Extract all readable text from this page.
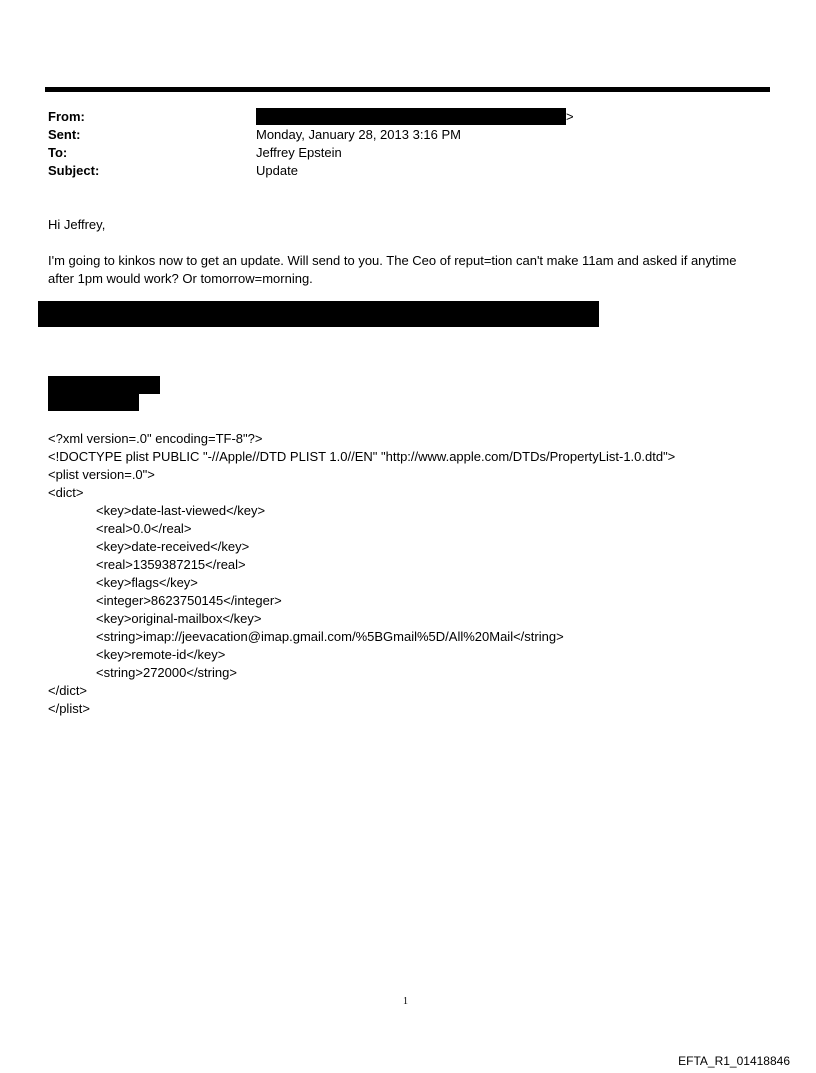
From:	>
Sent:	Monday, January 28, 2013 3:16 PM
To:	Jeffrey Epstein
Subject:	Update
Hi Jeffrey,
I'm going to kinkos now to get an update. Will send to you. The Ceo of reput=tion can't make 11am and asked if anytime
after 1pm would work? Or tomorrow=morning.
<?xml version=.0" encoding=TF-8"?>
<!DOCTYPE plist PUBLIC "-//Apple//DTD PLIST 1.0//EN" "http://www.apple.com/DTDs/PropertyList-1.0.dtd">
<plist version=.0">
<dict>
<key>date-last-viewed</key>
<real>0.0</real>
<key>date-received</key>
<real>1359387215</real>
<key>flags</key>
<integer>8623750145</integer>
<key>original-mailbox</key>
<string>imap://jeevacation@imap.gmail.com/%5BGmail%5D/All%20Mail</string>
<key>remote-id</key>
<string>272000</string>
</dict>
</plist>
1
EFTA_R1_01418846
